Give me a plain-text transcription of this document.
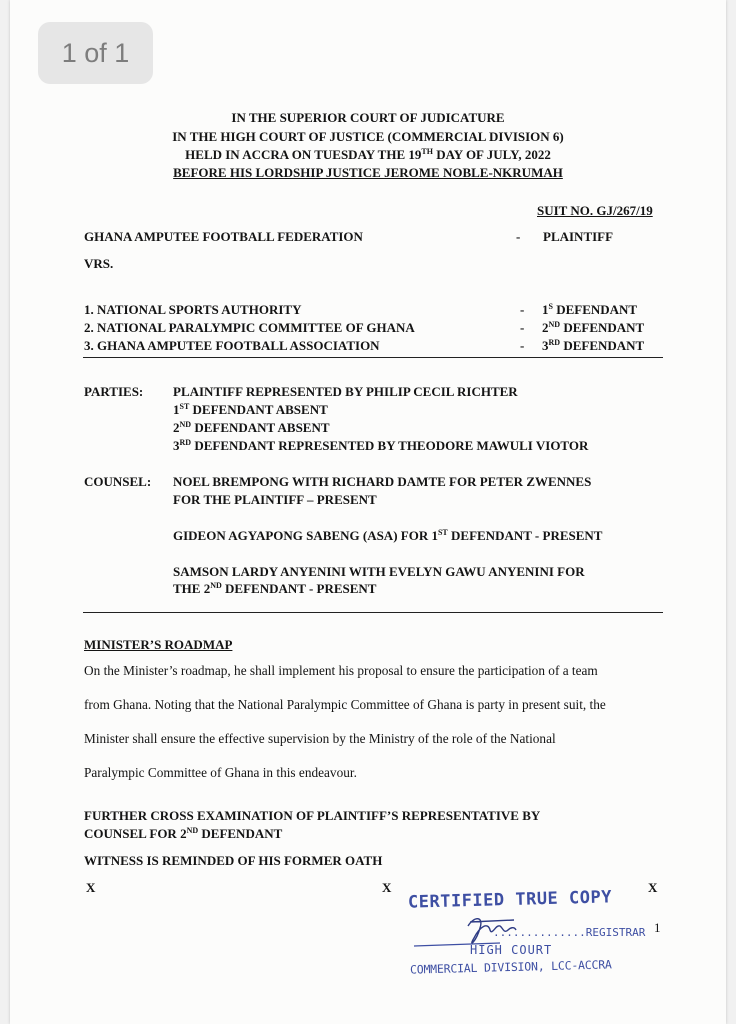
1 of 1
IN THE SUPERIOR COURT OF JUDICATURE
IN THE HIGH COURT OF JUSTICE (COMMERCIAL DIVISION 6)
HELD IN ACCRA ON TUESDAY THE 19TH DAY OF JULY, 2022
BEFORE HIS LORDSHIP JUSTICE JEROME NOBLE-NKRUMAH
SUIT NO. GJ/267/19
GHANA AMPUTEE FOOTBALL FEDERATION	- PLAINTIFF
VRS.
1. NATIONAL SPORTS AUTHORITY	- $1^S$ DEFENDANT
2. NATIONAL PARALYMPIC COMMITTEE OF GHANA	- 2ND DEFENDANT
3. GHANA AMPUTEE FOOTBALL ASSOCIATION	- 3RD DEFENDANT
PARTIES: PLAINTIFF REPRESENTED BY PHILIP CECIL RICHTER
1ST DEFENDANT ABSENT
2ND DEFENDANT ABSENT
3RD DEFENDANT REPRESENTED BY THEODORE MAWULI VIOTOR
COUNSEL: NOEL BREMPONG WITH RICHARD DAMTE FOR PETER ZWENNES
FOR THE PLAINTIFF – PRESENT
GIDEON AGYAPONG SABENG (ASA) FOR 1ST DEFENDANT - PRESENT
SAMSON LARDY ANYENINI WITH EVELYN GAWU ANYENINI FOR
THE 2ND DEFENDANT - PRESENT
MINISTER’S ROADMAP
On the Minister’s roadmap, he shall implement his proposal to ensure the participation of a team
from Ghana. Noting that the National Paralympic Committee of Ghana is party in present suit, the
Minister shall ensure the effective supervision by the Ministry of the role of the National
Paralympic Committee of Ghana in this endeavour.
FURTHER CROSS EXAMINATION OF PLAINTIFF’S REPRESENTATIVE BY
COUNSEL FOR 2ND DEFENDANT
WITNESS IS REMINDED OF HIS FORMER OATH
X	X	X
1
CERTIFIED TRUE COPY
..............REGISTRAR
HIGH COURT
COMMERCIAL DIVISION, LCC-ACCRA
